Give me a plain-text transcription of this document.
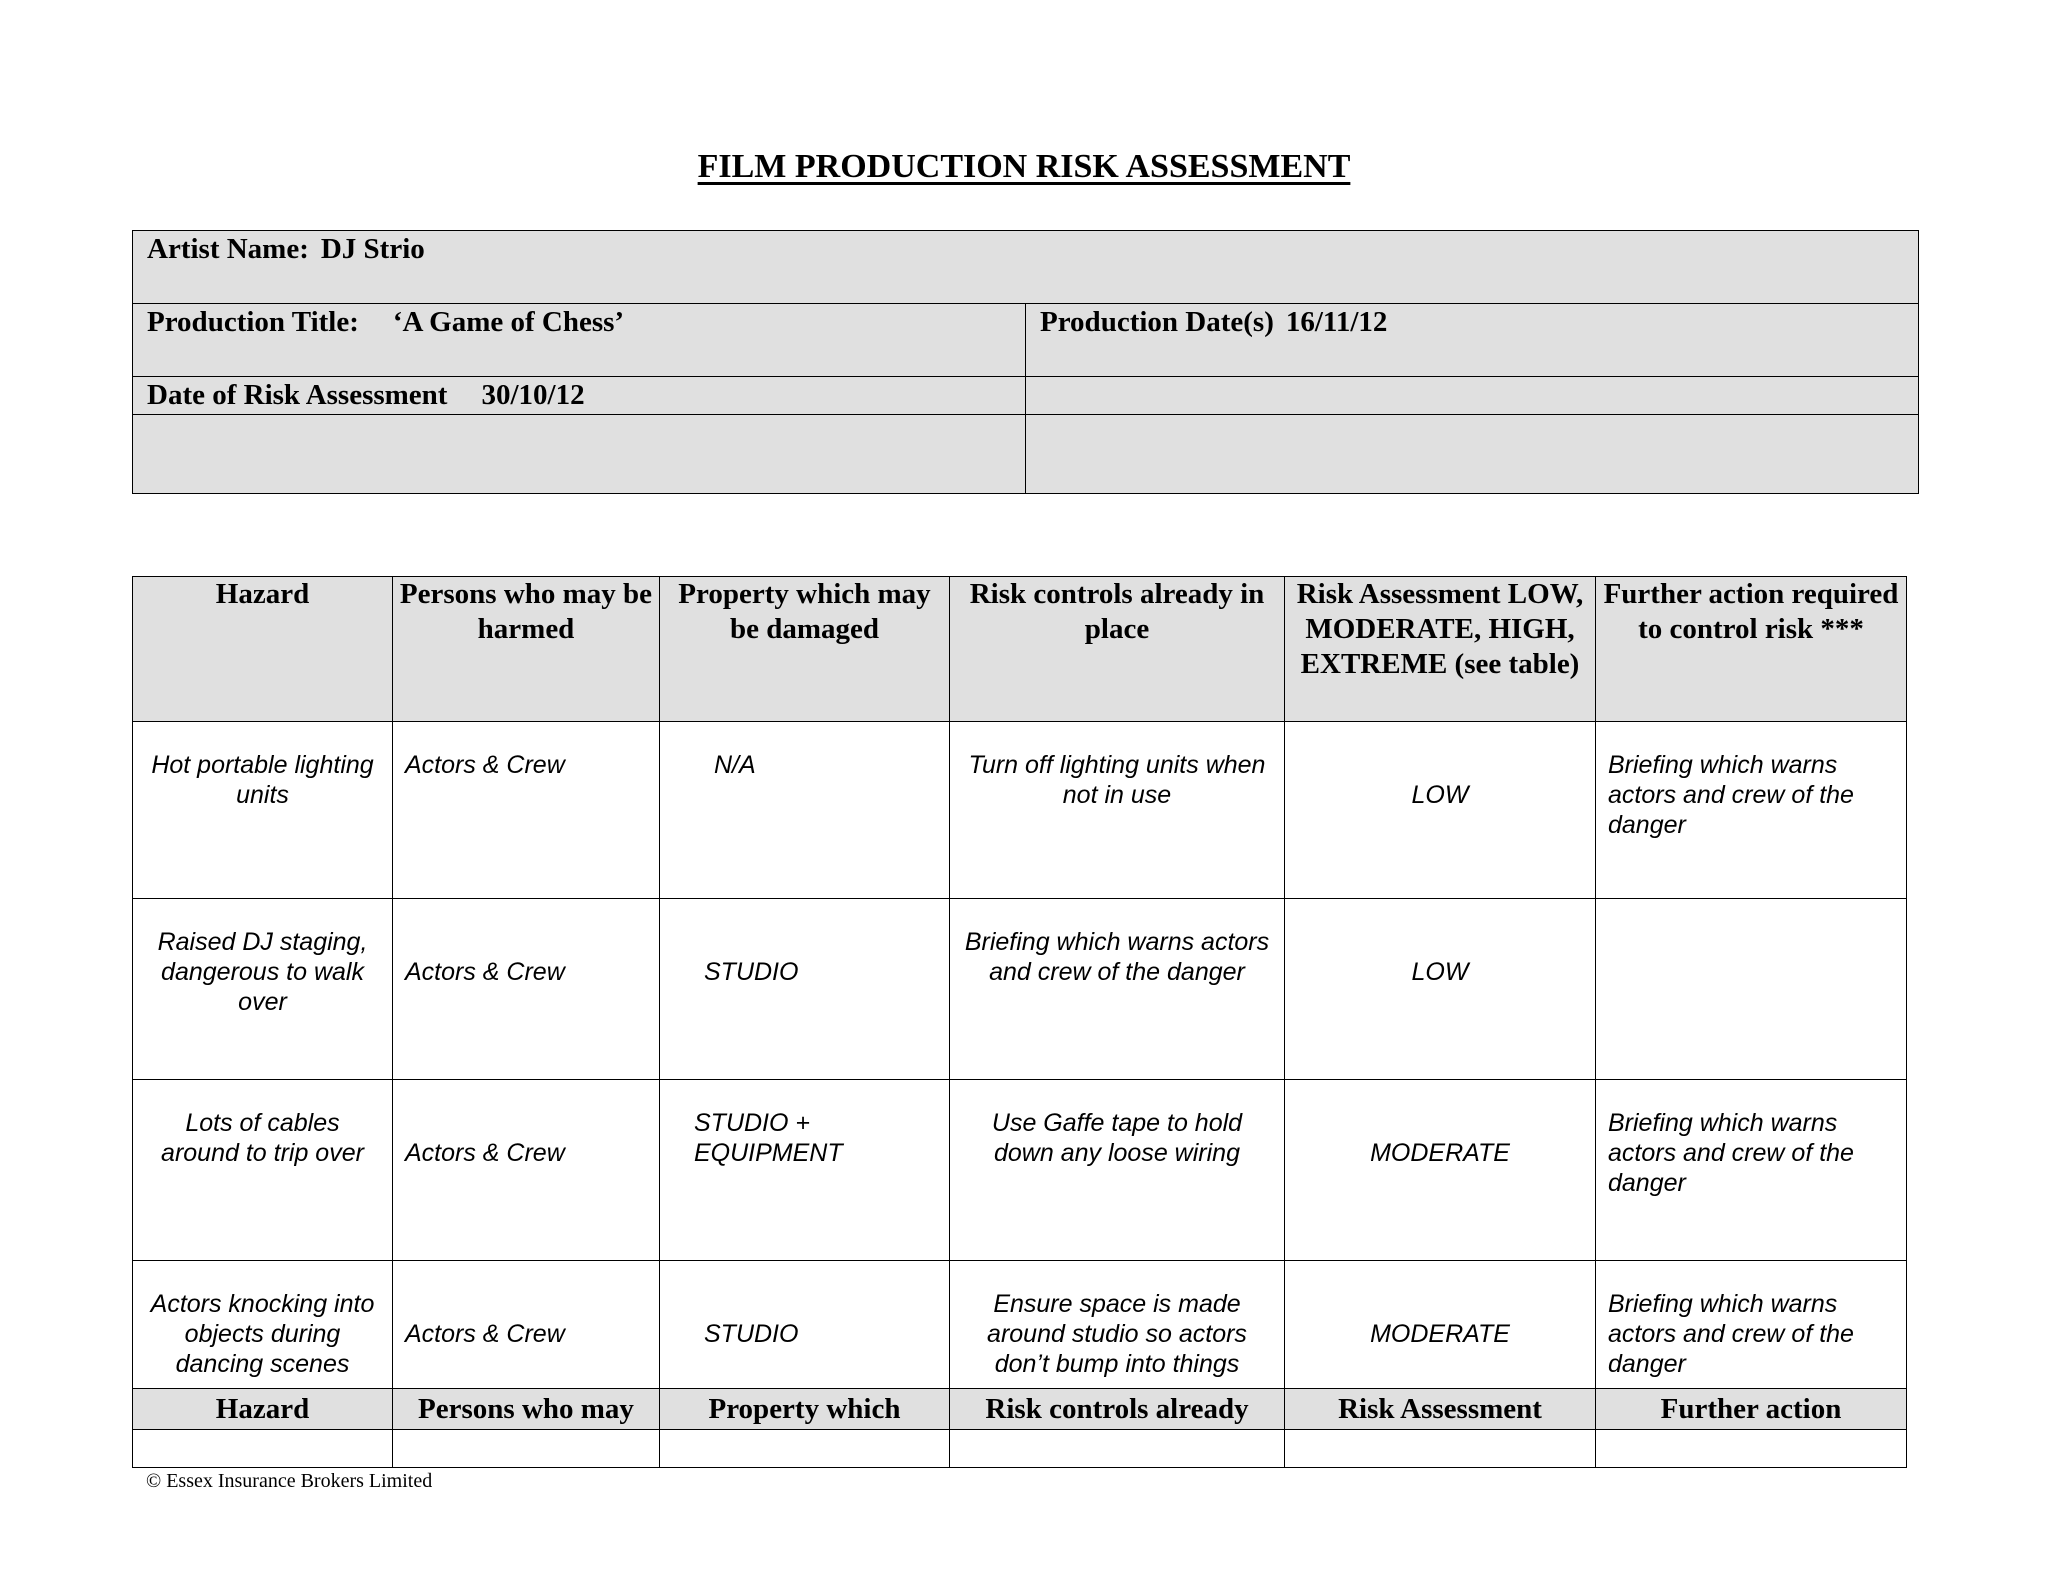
FILM PRODUCTION RISK ASSESSMENT
Artist Name: DJ Strio	
Production Title: ‘A Game of Chess’	Production Date(s) 16/11/12
Date of Risk Assessment 30/10/12	

Hazard	Persons who may be harmed	Property which may be damaged	Risk controls already in place	Risk Assessment LOW, MODERATE, HIGH, EXTREME (see table)	Further action required to control risk ***
Hot portable lighting units	Actors & Crew	N/A	Turn off lighting units when not in use	LOW	Briefing which warns actors and crew of the danger
Raised DJ staging, dangerous to walk over	Actors & Crew	STUDIO	Briefing which warns actors and crew of the danger	LOW	
Lots of cables around to trip over	Actors & Crew	STUDIO + EQUIPMENT	Use Gaffe tape to hold down any loose wiring	MODERATE	Briefing which warns actors and crew of the danger
Actors knocking into objects during dancing scenes	Actors & Crew	STUDIO	Ensure space is made around studio so actors don’t bump into things	MODERATE	Briefing which warns actors and crew of the danger
Hazard	Persons who may	Property which	Risk controls already	Risk Assessment	Further action
© Essex Insurance Brokers Limited
